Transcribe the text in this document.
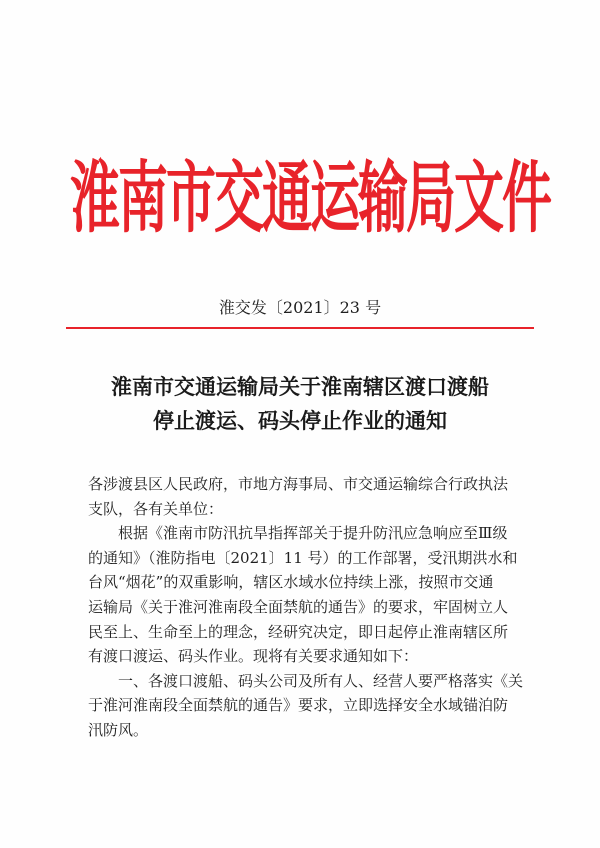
淮南市交通运输局文件
淮交发〔2021〕23 号
淮南市交通运输局关于淮南辖区渡口渡船
停止渡运、码头停止作业的通知

各涉渡县区人民政府，市地方海事局、市交通运输综合行政执法
支队，各有关单位：

根据《淮南市防汛抗旱指挥部关于提升防汛应急响应至Ⅲ级
的通知》（淮防指电〔2021〕11 号）的工作部署，受汛期洪水和
台风“烟花”的双重影响，辖区水域水位持续上涨，按照市交通
运输局《关于淮河淮南段全面禁航的通告》的要求，牢固树立人
民至上、生命至上的理念，经研究决定，即日起停止淮南辖区所
有渡口渡运、码头作业。现将有关要求通知如下：

一、各渡口渡船、码头公司及所有人、经营人要严格落实《关
于淮河淮南段全面禁航的通告》要求，立即选择安全水域锚泊防
汛防风。
